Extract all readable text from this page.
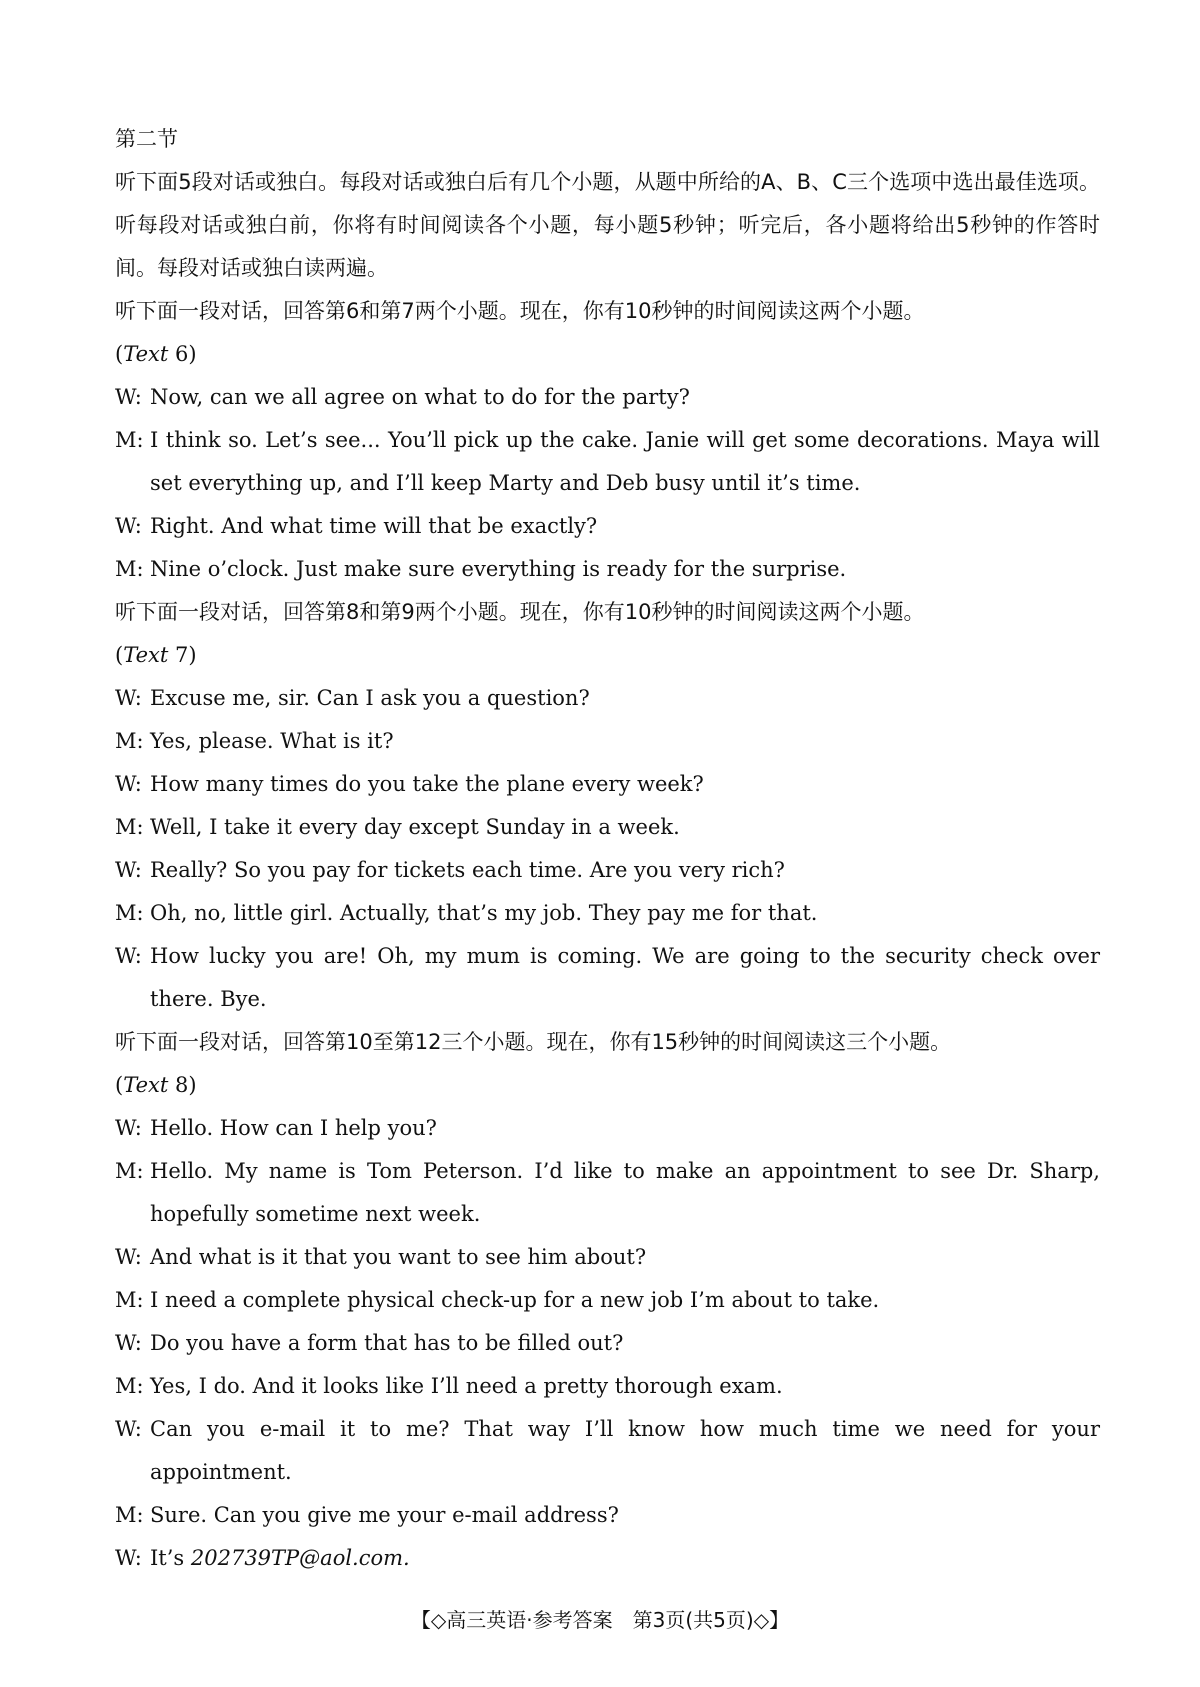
第二节

听下面5段对话或独白。每段对话或独白后有几个小题，从题中所给的A、B、C三个选项中选出最佳选项。听每段对话或独白前，你将有时间阅读各个小题，每小题5秒钟；听完后，各小题将给出5秒钟的作答时间。每段对话或独白读两遍。

听下面一段对话，回答第6和第7两个小题。现在，你有10秒钟的时间阅读这两个小题。

(Text 6)

W: Now, can we all agree on what to do for the party?

M: I think so. Let’s see... You’ll pick up the cake. Janie will get some decorations. Maya will set everything up, and I’ll keep Marty and Deb busy until it’s time.

W: Right. And what time will that be exactly?

M: Nine o’clock. Just make sure everything is ready for the surprise.

听下面一段对话，回答第8和第9两个小题。现在，你有10秒钟的时间阅读这两个小题。

(Text 7)

W: Excuse me, sir. Can I ask you a question?

M: Yes, please. What is it?

W: How many times do you take the plane every week?

M: Well, I take it every day except Sunday in a week.

W: Really? So you pay for tickets each time. Are you very rich?

M: Oh, no, little girl. Actually, that’s my job. They pay me for that.

W: How lucky you are! Oh, my mum is coming. We are going to the security check over there. Bye.

听下面一段对话，回答第10至第12三个小题。现在，你有15秒钟的时间阅读这三个小题。

(Text 8)

W: Hello. How can I help you?

M: Hello. My name is Tom Peterson. I’d like to make an appointment to see Dr. Sharp, hopefully sometime next week.

W: And what is it that you want to see him about?

M: I need a complete physical check-up for a new job I’m about to take.

W: Do you have a form that has to be filled out?

M: Yes, I do. And it looks like I’ll need a pretty thorough exam.

W: Can you e-mail it to me? That way I’ll know how much time we need for your appointment.

M: Sure. Can you give me your e-mail address?

W: It’s 202739TP@aol.com.

【◇高三英语·参考答案　第3页(共5页)◇】
